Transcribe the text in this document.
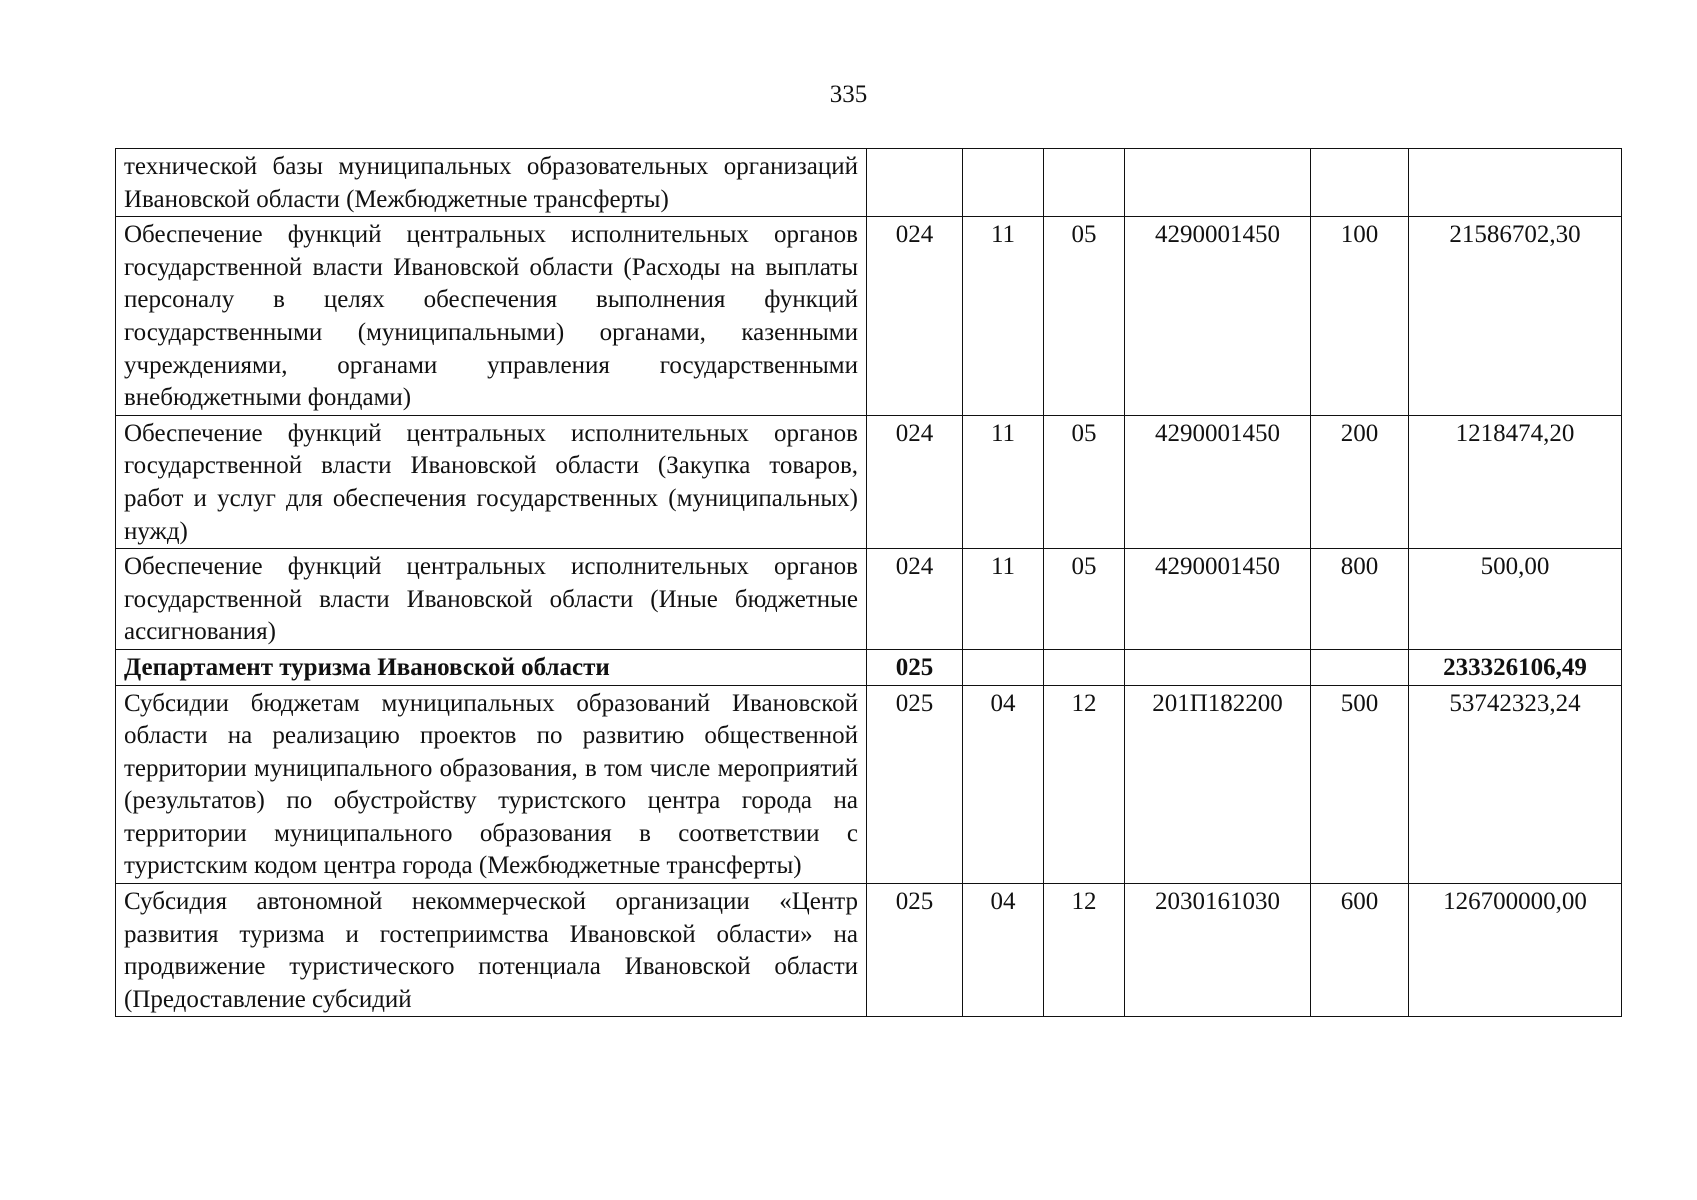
335
технической базы муниципальных образовательных организаций Ивановской области (Межбюджетные трансферты)						
Обеспечение функций центральных исполнительных органов государственной власти Ивановской области (Расходы на выплаты персоналу в целях обеспечения выполнения функций государственными (муниципальными) органами, казенными учреждениями, органами управления государственными внебюджетными фондами)	024	11	05	4290001450	100	21586702,30
Обеспечение функций центральных исполнительных органов государственной власти Ивановской области (Закупка товаров, работ и услуг для обеспечения государственных (муниципальных) нужд)	024	11	05	4290001450	200	1218474,20
Обеспечение функций центральных исполнительных органов государственной власти Ивановской области (Иные бюджетные ассигнования)	024	11	05	4290001450	800	500,00
Департамент туризма Ивановской области	025					233326106,49
Субсидии бюджетам муниципальных образований Ивановской области на реализацию проектов по развитию общественной территории муниципального образования, в том числе мероприятий (результатов) по обустройству туристского центра города на территории муниципального образования в соответствии с туристским кодом центра города (Межбюджетные трансферты)	025	04	12	201П182200	500	53742323,24
Субсидия автономной некоммерческой организации «Центр развития туризма и гостеприимства Ивановской области» на продвижение туристического потенциала Ивановской области (Предоставление субсидий	025	04	12	2030161030	600	126700000,00
